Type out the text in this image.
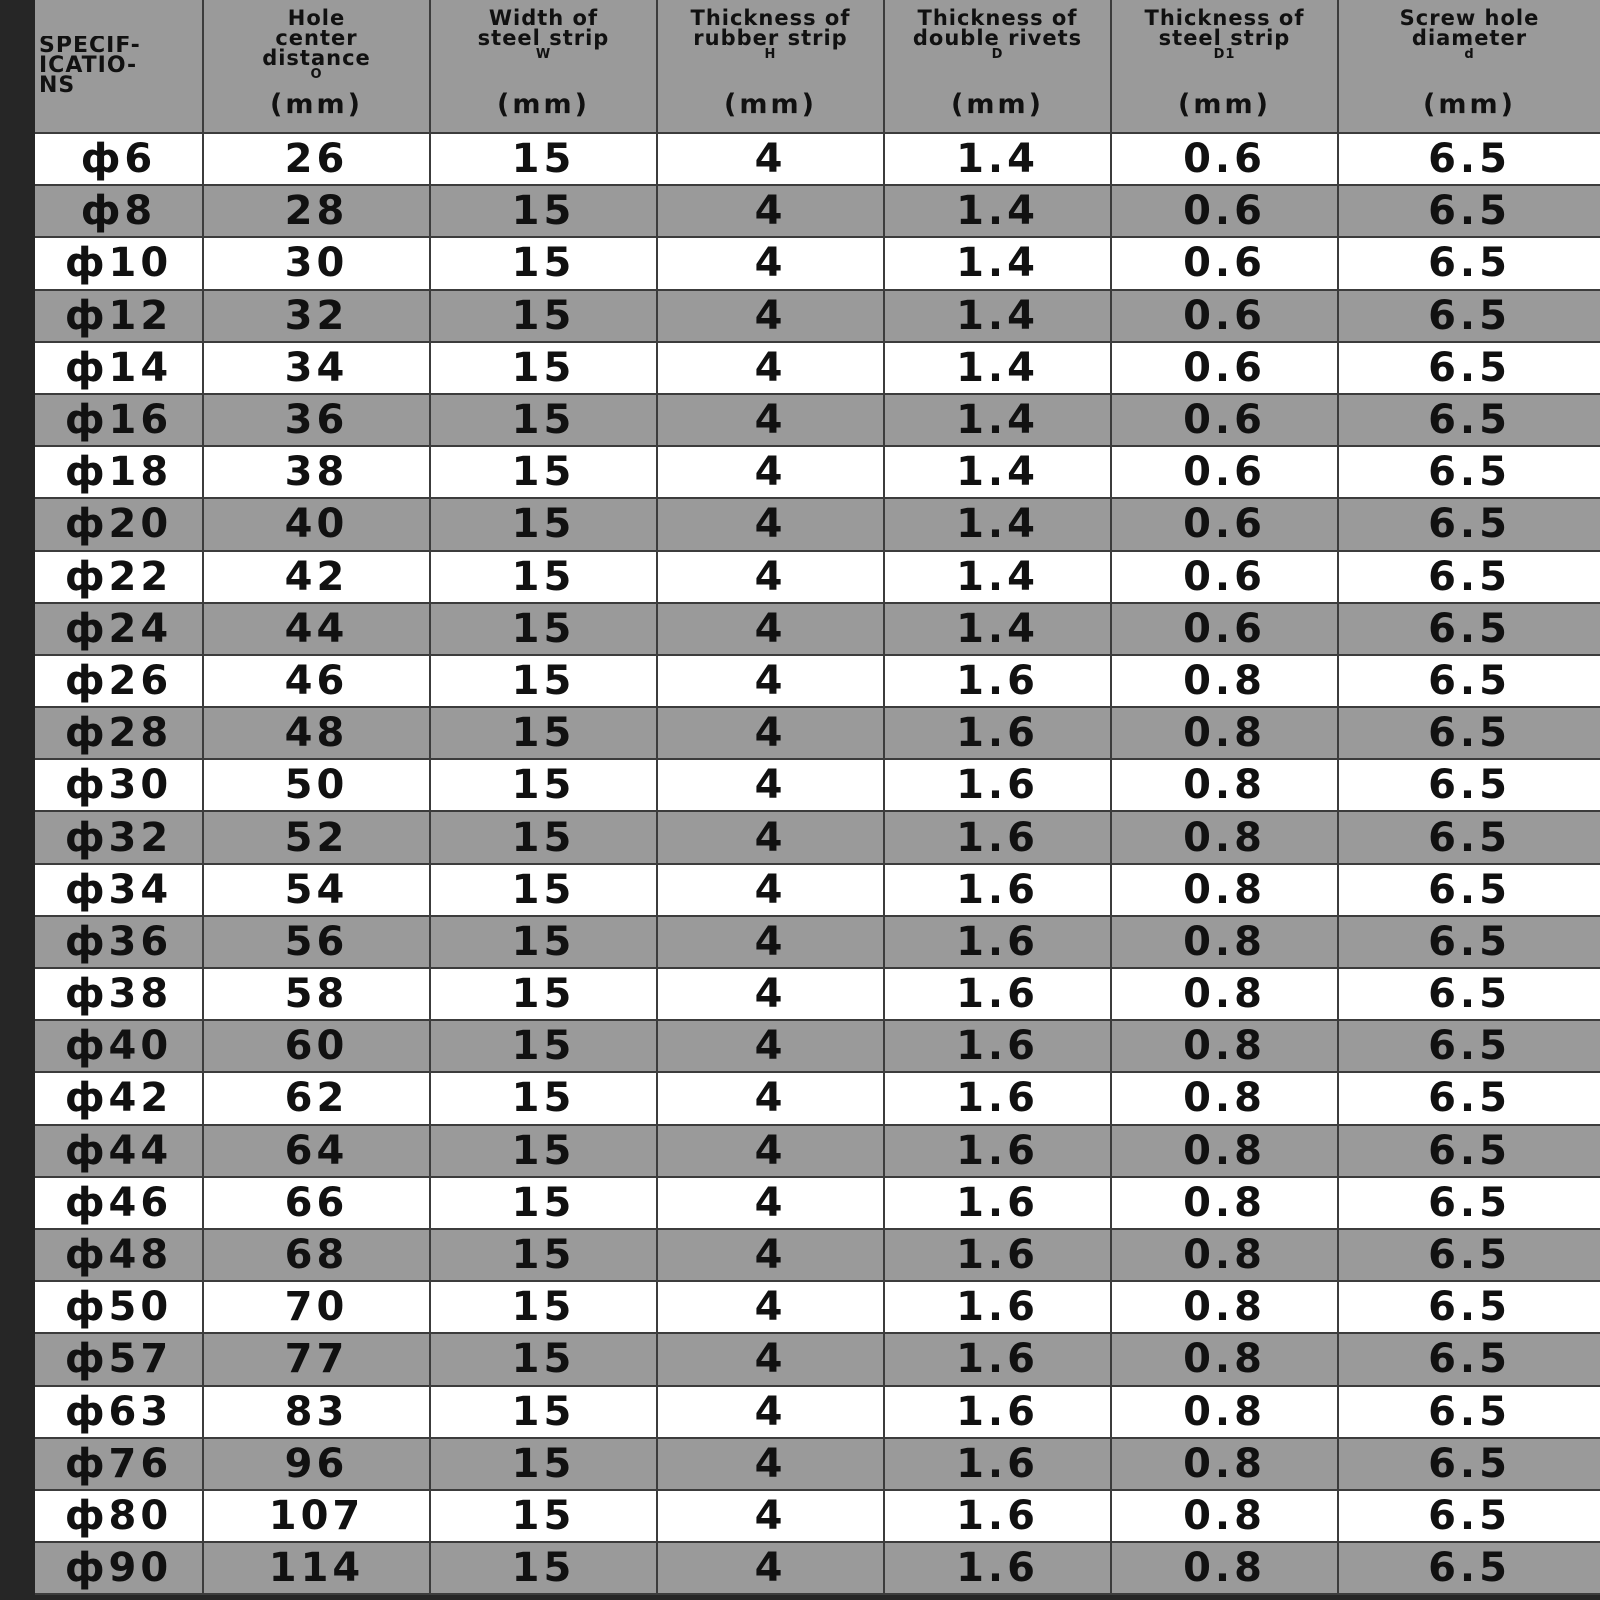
SPECIF-
ICATIO-
NS	Hole
center
distance

O
(mm)	Width of
steel strip

W
(mm)	Thickness of
rubber strip

H
(mm)	Thickness of
double rivets

D
(mm)	Thickness of
steel strip

D1
(mm)	Screw hole
diameter

d
(mm)

ф6	26	15	4	1.4	0.6	6.5
ф8	28	15	4	1.4	0.6	6.5
ф10	30	15	4	1.4	0.6	6.5
ф12	32	15	4	1.4	0.6	6.5
ф14	34	15	4	1.4	0.6	6.5
ф16	36	15	4	1.4	0.6	6.5
ф18	38	15	4	1.4	0.6	6.5
ф20	40	15	4	1.4	0.6	6.5
ф22	42	15	4	1.4	0.6	6.5
ф24	44	15	4	1.4	0.6	6.5
ф26	46	15	4	1.6	0.8	6.5
ф28	48	15	4	1.6	0.8	6.5
ф30	50	15	4	1.6	0.8	6.5
ф32	52	15	4	1.6	0.8	6.5
ф34	54	15	4	1.6	0.8	6.5
ф36	56	15	4	1.6	0.8	6.5
ф38	58	15	4	1.6	0.8	6.5
ф40	60	15	4	1.6	0.8	6.5
ф42	62	15	4	1.6	0.8	6.5
ф44	64	15	4	1.6	0.8	6.5
ф46	66	15	4	1.6	0.8	6.5
ф48	68	15	4	1.6	0.8	6.5
ф50	70	15	4	1.6	0.8	6.5
ф57	77	15	4	1.6	0.8	6.5
ф63	83	15	4	1.6	0.8	6.5
ф76	96	15	4	1.6	0.8	6.5
ф80	107	15	4	1.6	0.8	6.5
ф90	114	15	4	1.6	0.8	6.5
